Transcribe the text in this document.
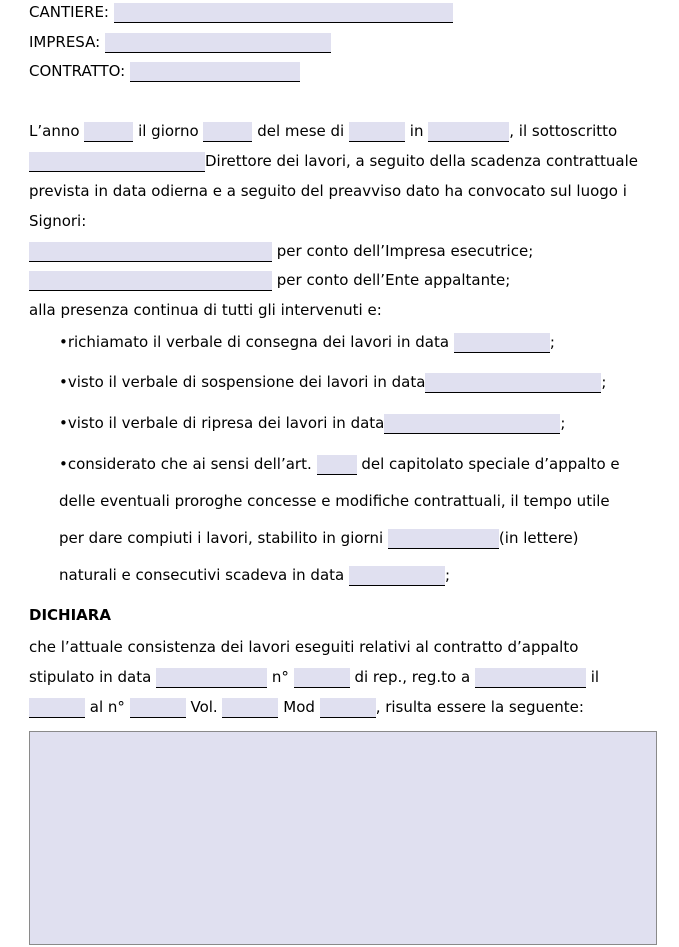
CANTIERE:
IMPRESA:
CONTRATTO:
L’anno	il giorno	del mese di	in	, il sottoscritto
Direttore dei lavori, a seguito della scadenza contrattuale
prevista in data odierna e a seguito del preavviso dato ha convocato sul luogo i
Signori:
per conto dell’Impresa esecutrice;
per conto dell’Ente appaltante;
alla presenza continua di tutti gli intervenuti e:
•richiamato il verbale di consegna dei lavori in data	;
•visto il verbale di sospensione dei lavori in data	;
•visto il verbale di ripresa dei lavori in data	;
•considerato che ai sensi dell’art.	del capitolato speciale d’appalto e
delle eventuali proroghe concesse e modifiche contrattuali, il tempo utile
per dare compiuti i lavori, stabilito in giorni	(in lettere)
naturali e consecutivi scadeva in data	;
DICHIARA
che l’attuale consistenza dei lavori eseguiti relativi al contratto d’appalto
stipulato in data	n°	di rep., reg.to a	il
al n°	Vol.	Mod	, risulta essere la seguente:
